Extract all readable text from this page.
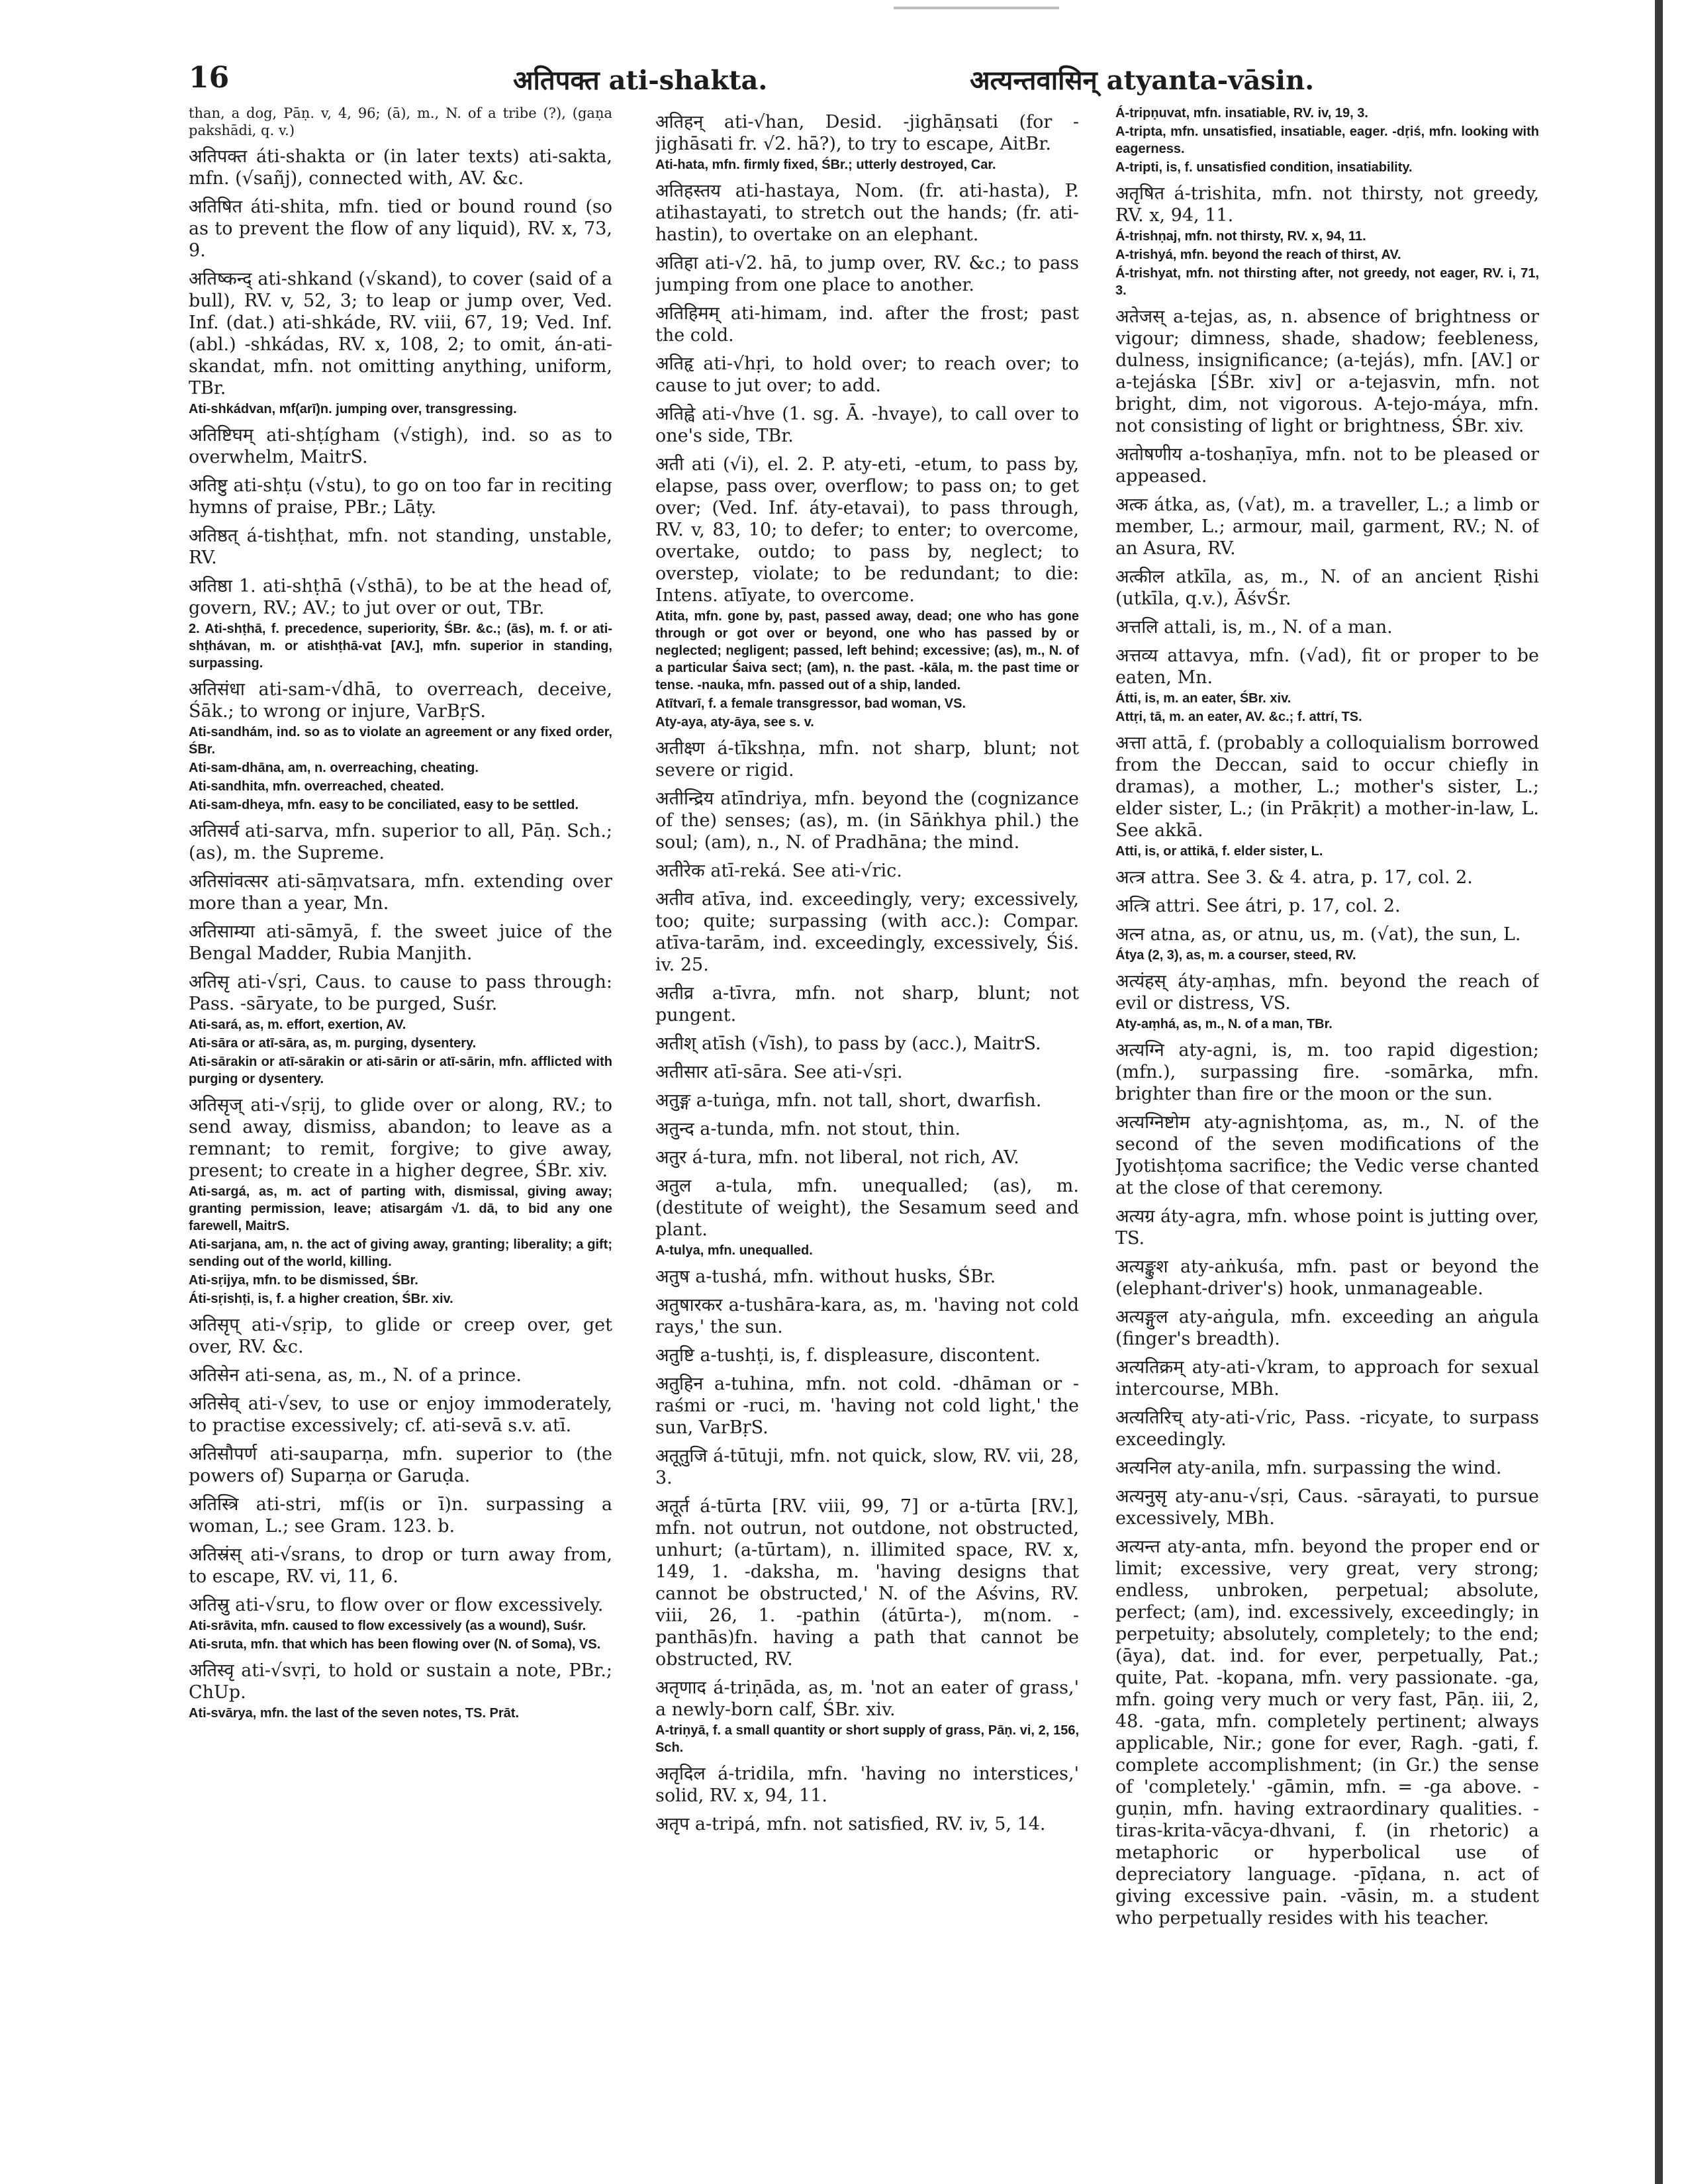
16	अतिपक्त ati-shakta.	अत्यन्तवासिन् atyanta-vāsin.

than, a dog, Pāṇ. v, 4, 96; (ā), m., N. of a tribe (?), (gaṇa pakshādi, q. v.)

अतिपक्त áti-shakta or (in later texts) ati-sakta, mfn. (√sañj), connected with, AV. &c.

अतिषित áti-shita, mfn. tied or bound round (so as to prevent the flow of any liquid), RV. x, 73, 9.

अतिष्कन्द् ati-shkand (√skand), to cover (said of a bull), RV. v, 52, 3; to leap or jump over, Ved. Inf. (dat.) ati-shkáde, RV. viii, 67, 19; Ved. Inf. (abl.) -shkádas, RV. x, 108, 2; to omit, án-ati-skandat, mfn. not omitting anything, uniform, TBr.

Ati-shkádvan, mf(arī)n. jumping over, transgressing.

अतिष्टिघम् ati-shṭígham (√stigh), ind. so as to overwhelm, MaitrS.

अतिष्टु ati-shṭu (√stu), to go on too far in reciting hymns of praise, PBr.; Lāṭy.

अतिष्ठत् á-tishṭhat, mfn. not standing, unstable, RV.

अतिष्ठा 1. ati-shṭhā (√sthā), to be at the head of, govern, RV.; AV.; to jut over or out, TBr.

2. Ati-shṭhā, f. precedence, superiority, ŚBr. &c.; (ās), m. f. or ati-shṭhávan, m. or atishṭhā-vat [AV.], mfn. superior in standing, surpassing.

अतिसंधा ati-sam-√dhā, to overreach, deceive, Śāk.; to wrong or injure, VarBṛS.

Ati-sandhám, ind. so as to violate an agreement or any fixed order, ŚBr.

Ati-sam-dhāna, am, n. overreaching, cheating.

Ati-sandhita, mfn. overreached, cheated.

Ati-sam-dheya, mfn. easy to be conciliated, easy to be settled.

अतिसर्व ati-sarva, mfn. superior to all, Pāṇ. Sch.; (as), m. the Supreme.

अतिसांवत्सर ati-sāṃvatsara, mfn. extending over more than a year, Mn.

अतिसाम्या ati-sāmyā, f. the sweet juice of the Bengal Madder, Rubia Manjith.

अतिसृ ati-√sṛi, Caus. to cause to pass through: Pass. -sāryate, to be purged, Suśr.

Ati-sará, as, m. effort, exertion, AV.

Ati-sāra or atī-sāra, as, m. purging, dysentery.

Ati-sārakin or atī-sārakin or ati-sārin or atī-sārin, mfn. afflicted with purging or dysentery.

अतिसृज् ati-√sṛij, to glide over or along, RV.; to send away, dismiss, abandon; to leave as a remnant; to remit, forgive; to give away, present; to create in a higher degree, ŚBr. xiv.

Ati-sargá, as, m. act of parting with, dismissal, giving away; granting permission, leave; atisargám √1. dā, to bid any one farewell, MaitrS.

Ati-sarjana, am, n. the act of giving away, granting; liberality; a gift; sending out of the world, killing.

Ati-sṛijya, mfn. to be dismissed, ŚBr.

Áti-sṛishṭi, is, f. a higher creation, ŚBr. xiv.

अतिसृप् ati-√sṛip, to glide or creep over, get over, RV. &c.

अतिसेन ati-sena, as, m., N. of a prince.

अतिसेव् ati-√sev, to use or enjoy immoderately, to practise excessively; cf. ati-sevā s.v. atī.

अतिसौपर्ण ati-sauparṇa, mfn. superior to (the powers of) Suparṇa or Garuḍa.

अतिस्त्रि ati-stri, mf(is or ī)n. surpassing a woman, L.; see Gram. 123. b.

अतिस्रंस् ati-√srans, to drop or turn away from, to escape, RV. vi, 11, 6.

अतिस्रु ati-√sru, to flow over or flow excessively.

Ati-srāvita, mfn. caused to flow excessively (as a wound), Suśr.

Ati-sruta, mfn. that which has been flowing over (N. of Soma), VS.

अतिस्वृ ati-√svṛi, to hold or sustain a note, PBr.; ChUp.

Ati-svārya, mfn. the last of the seven notes, TS. Prāt.

अतिहन् ati-√han, Desid. -jighāṇsati (for -jighāsati fr. √2. hā?), to try to escape, AitBr.

Ati-hata, mfn. firmly fixed, ŚBr.; utterly destroyed, Car.

अतिहस्तय ati-hastaya, Nom. (fr. ati-hasta), P. atihastayati, to stretch out the hands; (fr. ati-hastin), to overtake on an elephant.

अतिहा ati-√2. hā, to jump over, RV. &c.; to pass jumping from one place to another.

अतिहिमम् ati-himam, ind. after the frost; past the cold.

अतिहृ ati-√hṛi, to hold over; to reach over; to cause to jut over; to add.

अतिह्वे ati-√hve (1. sg. Ā. -hvaye), to call over to one's side, TBr.

अती ati (√i), el. 2. P. aty-eti, -etum, to pass by, elapse, pass over, overflow; to pass on; to get over; (Ved. Inf. áty-etavai), to pass through, RV. v, 83, 10; to defer; to enter; to overcome, overtake, outdo; to pass by, neglect; to overstep, violate; to be redundant; to die: Intens. atīyate, to overcome.

Atita, mfn. gone by, past, passed away, dead; one who has gone through or got over or beyond, one who has passed by or neglected; negligent; passed, left behind; excessive; (as), m., N. of a particular Śaiva sect; (am), n. the past. -kāla, m. the past time or tense. -nauka, mfn. passed out of a ship, landed.

Atītvarī, f. a female transgressor, bad woman, VS.

Aty-aya, aty-āya, see s. v.

अतीक्ष्ण á-tīkshṇa, mfn. not sharp, blunt; not severe or rigid.

अतीन्द्रिय atīndriya, mfn. beyond the (cognizance of the) senses; (as), m. (in Sāṅkhya phil.) the soul; (am), n., N. of Pradhāna; the mind.

अतीरेक atī-reká. See ati-√ric.

अतीव atīva, ind. exceedingly, very; excessively, too; quite; surpassing (with acc.): Compar. atīva-tarām, ind. exceedingly, excessively, Śiś. iv. 25.

अतीव्र a-tīvra, mfn. not sharp, blunt; not pungent.

अतीश् atīsh (√īsh), to pass by (acc.), MaitrS.

अतीसार atī-sāra. See ati-√sṛi.

अतुङ्ग a-tuṅga, mfn. not tall, short, dwarfish.

अतुन्द a-tunda, mfn. not stout, thin.

अतुर á-tura, mfn. not liberal, not rich, AV.

अतुल a-tula, mfn. unequalled; (as), m. (destitute of weight), the Sesamum seed and plant.

A-tulya, mfn. unequalled.

अतुष a-tushá, mfn. without husks, ŚBr.

अतुषारकर a-tushāra-kara, as, m. 'having not cold rays,' the sun.

अतुष्टि a-tushṭi, is, f. displeasure, discontent.

अतुहिन a-tuhina, mfn. not cold. -dhāman or -raśmi or -ruci, m. 'having not cold light,' the sun, VarBṛS.

अतूतुजि á-tūtuji, mfn. not quick, slow, RV. vii, 28, 3.

अतूर्त á-tūrta [RV. viii, 99, 7] or a-tūrta [RV.], mfn. not outrun, not outdone, not obstructed, unhurt; (a-tūrtam), n. illimited space, RV. x, 149, 1. -daksha, m. 'having designs that cannot be obstructed,' N. of the Aśvins, RV. viii, 26, 1. -pathin (átūrta-), m(nom. -panthās)fn. having a path that cannot be obstructed, RV.

अतृणाद á-triṇāda, as, m. 'not an eater of grass,' a newly-born calf, ŚBr. xiv.

A-triṇyā, f. a small quantity or short supply of grass, Pāṇ. vi, 2, 156, Sch.

अतृदिल á-tridila, mfn. 'having no interstices,' solid, RV. x, 94, 11.

अतृप a-tripá, mfn. not satisfied, RV. iv, 5, 14.

Á-tripṇuvat, mfn. insatiable, RV. iv, 19, 3.

A-tripta, mfn. unsatisfied, insatiable, eager. -dṛiś, mfn. looking with eagerness.

A-tripti, is, f. unsatisfied condition, insatiability.

अतृषित á-trishita, mfn. not thirsty, not greedy, RV. x, 94, 11.

Á-trishṇaj, mfn. not thirsty, RV. x, 94, 11.

A-trishyá, mfn. beyond the reach of thirst, AV.

Á-trishyat, mfn. not thirsting after, not greedy, not eager, RV. i, 71, 3.

अतेजस् a-tejas, as, n. absence of brightness or vigour; dimness, shade, shadow; feebleness, dulness, insignificance; (a-tejás), mfn. [AV.] or a-tejáska [ŚBr. xiv] or a-tejasvin, mfn. not bright, dim, not vigorous. A-tejo-máya, mfn. not consisting of light or brightness, ŚBr. xiv.

अतोषणीय a-toshaṇīya, mfn. not to be pleased or appeased.

अत्क átka, as, (√at), m. a traveller, L.; a limb or member, L.; armour, mail, garment, RV.; N. of an Asura, RV.

अत्कील atkīla, as, m., N. of an ancient Ṛishi (utkīla, q.v.), ĀśvŚr.

अत्तलि attali, is, m., N. of a man.

अत्तव्य attavya, mfn. (√ad), fit or proper to be eaten, Mn.

Átti, is, m. an eater, ŚBr. xiv.

Attṛi, tā, m. an eater, AV. &c.; f. attrí, TS.

अत्ता attā, f. (probably a colloquialism borrowed from the Deccan, said to occur chiefly in dramas), a mother, L.; mother's sister, L.; elder sister, L.; (in Prākṛit) a mother-in-law, L. See akkā.

Atti, is, or attikā, f. elder sister, L.

अत्त्र attra. See 3. & 4. atra, p. 17, col. 2.

अत्त्रि attri. See átri, p. 17, col. 2.

अत्न atna, as, or atnu, us, m. (√at), the sun, L.

Átya (2, 3), as, m. a courser, steed, RV.

अत्यंहस् áty-aṃhas, mfn. beyond the reach of evil or distress, VS.

Aty-aṃhá, as, m., N. of a man, TBr.

अत्यग्नि aty-agni, is, m. too rapid digestion; (mfn.), surpassing fire. -somārka, mfn. brighter than fire or the moon or the sun.

अत्यग्निष्टोम aty-agnishṭoma, as, m., N. of the second of the seven modifications of the Jyotishṭoma sacrifice; the Vedic verse chanted at the close of that ceremony.

अत्यग्र áty-agra, mfn. whose point is jutting over, TS.

अत्यङ्कुश aty-aṅkuśa, mfn. past or beyond the (elephant-driver's) hook, unmanageable.

अत्यङ्गुल aty-aṅgula, mfn. exceeding an aṅgula (finger's breadth).

अत्यतिक्रम् aty-ati-√kram, to approach for sexual intercourse, MBh.

अत्यतिरिच् aty-ati-√ric, Pass. -ricyate, to surpass exceedingly.

अत्यनिल aty-anila, mfn. surpassing the wind.

अत्यनुसृ aty-anu-√sṛi, Caus. -sārayati, to pursue excessively, MBh.

अत्यन्त aty-anta, mfn. beyond the proper end or limit; excessive, very great, very strong; endless, unbroken, perpetual; absolute, perfect; (am), ind. excessively, exceedingly; in perpetuity; absolutely, completely; to the end; (āya), dat. ind. for ever, perpetually, Pat.; quite, Pat. -kopana, mfn. very passionate. -ga, mfn. going very much or very fast, Pāṇ. iii, 2, 48. -gata, mfn. completely pertinent; always applicable, Nir.; gone for ever, Ragh. -gati, f. complete accomplishment; (in Gr.) the sense of 'completely.' -gāmin, mfn. = -ga above. -guṇin, mfn. having extraordinary qualities. -tiras-krita-vācya-dhvani, f. (in rhetoric) a metaphoric or hyperbolical use of depreciatory language. -pīḍana, n. act of giving excessive pain. -vāsin, m. a student who perpetually resides with his teacher.
